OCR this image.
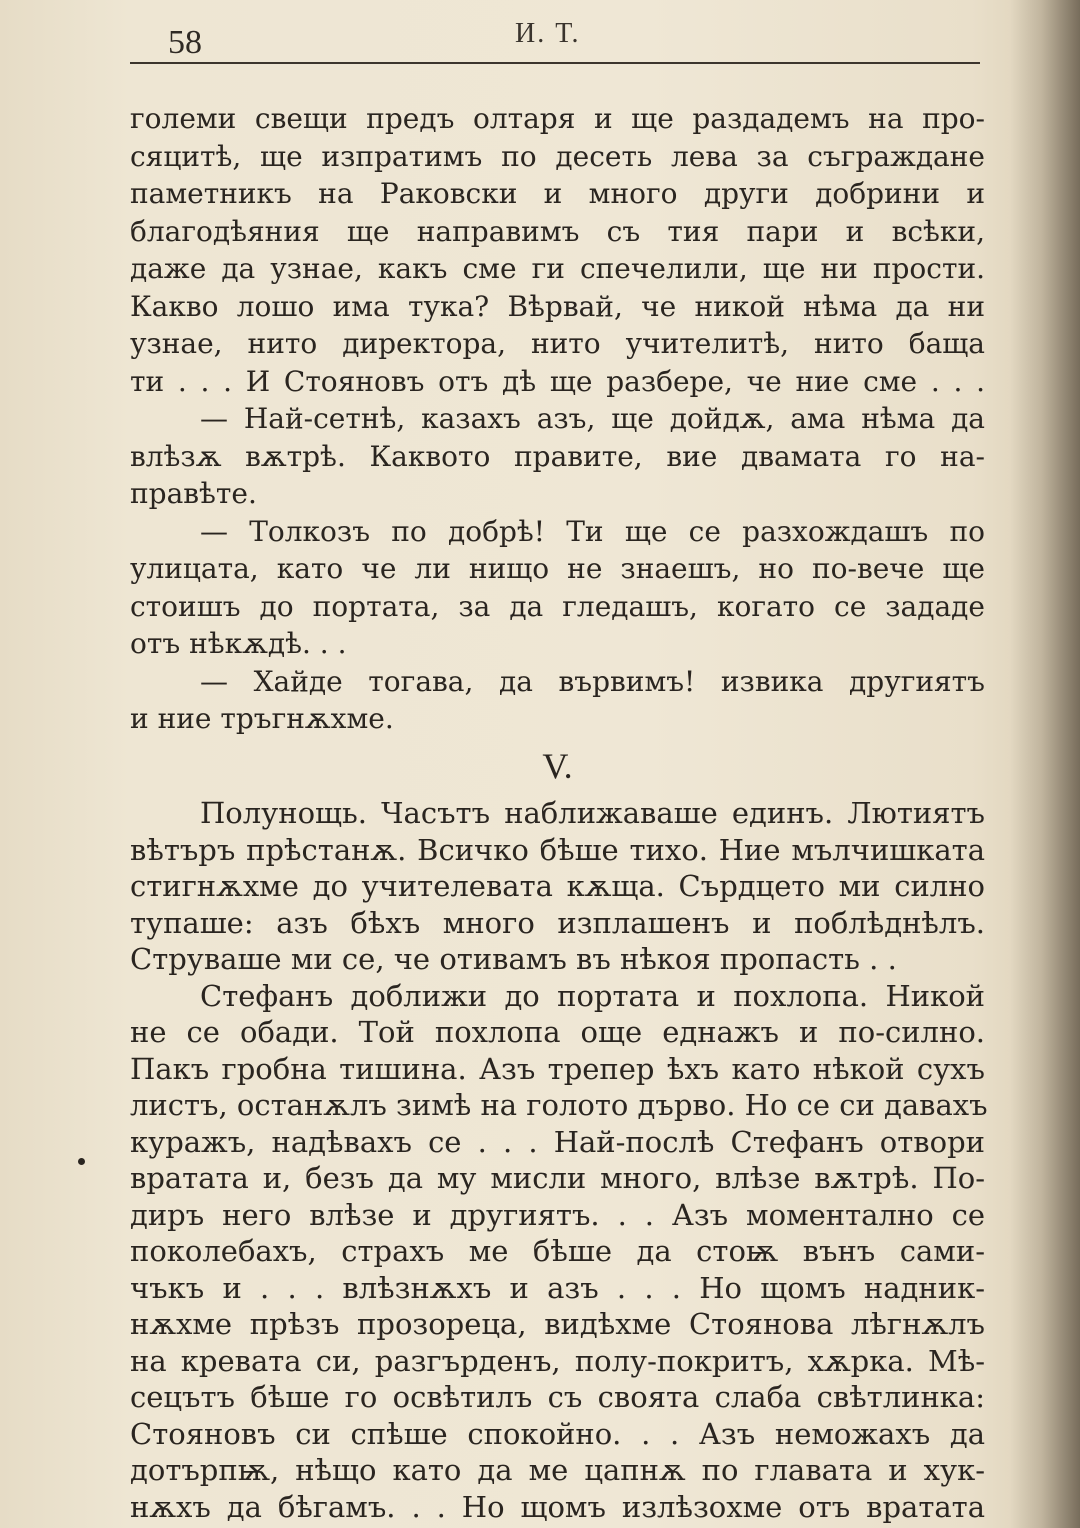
58	И. Т.
големи свещи предъ олтаря и ще раздадемъ на про-
сяцитѣ, ще изпратимъ по десеть лева за съграждане
паметникъ на Раковски и много други добрини и
благодѣяния ще направимъ съ тия пари и всѣки,
даже да узнае, какъ сме ги спечелили, ще ни прости.
Какво лошо има тука? Вѣрвай, че никой нѣма да ни
узнае, нито директора, нито учителитѣ, нито баща
ти . . . И Стояновъ отъ дѣ ще разбере, че ние сме . . .
— Най-сетнѣ, казахъ азъ, ще дойдѫ, ама нѣма да
влѣзѫ вѫтрѣ. Каквото правите, вие двамата го на-
правѣте.
— Толкозъ по добрѣ! Ти ще се разхождашъ по
улицата, като че ли нищо не знаешъ, но по-вече ще
стоишъ до портата, за да гледашъ, когато се зададе
отъ нѣкѫдѣ. . .
— Хайде тогава, да вървимъ! извика другиятъ
и ние тръгнѫхме.
V.
Полунощь. Часътъ наближаваше единъ. Лютиятъ
вѣтъръ прѣстанѫ. Всичко бѣше тихо. Ние мълчишката
стигнѫхме до учителевата кѫща. Сърдцето ми силно
тупаше: азъ бѣхъ много изплашенъ и поблѣднѣлъ.
Струваше ми се, че отивамъ въ нѣкоя пропасть . .
Стефанъ доближи до портата и похлопа. Никой
не се обади. Той похлопа още еднажъ и по-силно.
Пакъ гробна тишина. Азъ трепер ѣхъ като нѣкой сухъ
листъ, останѫлъ зимѣ на голото дърво. Но се си давахъ
куражъ, надѣвахъ се . . . Най-послѣ Стефанъ отвори
вратата и, безъ да му мисли много, влѣзе вѫтрѣ. По-
диръ него влѣзе и другиятъ. . . Азъ моментално се
поколебахъ, страхъ ме бѣше да стоѭ вънъ сами-
чъкъ и . . . влѣзнѫхъ и азъ . . . Но щомъ надник-
нѫхме прѣзъ прозореца, видѣхме Стоянова лѣгнѫлъ
на кревата си, разгърденъ, полу-покритъ, хѫрка. Мѣ-
сецътъ бѣше го освѣтилъ съ своята слаба свѣтлинка:
Стояновъ си спѣше спокойно. . . Азъ неможахъ да
дотърпѭ, нѣщо като да ме цапнѫ по главата и хук-
нѫхъ да бѣгамъ. . . Но щомъ излѣзохме отъ вратата
